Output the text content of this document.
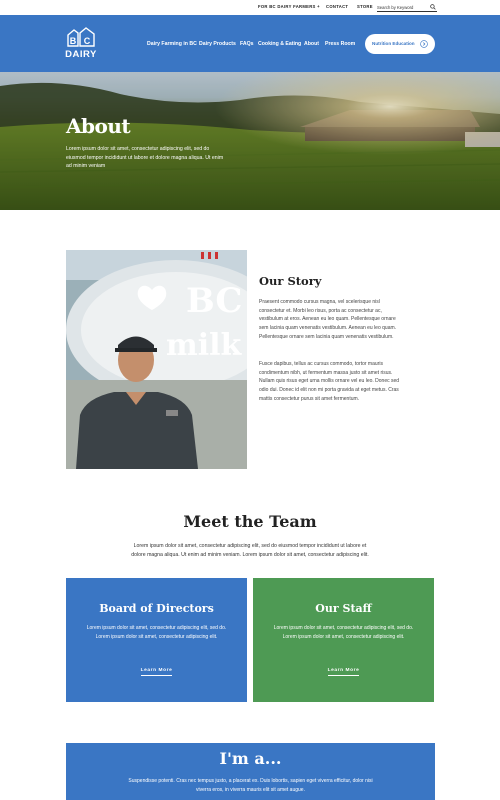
FOR BC DAIRY FARMERS + CONTACT STORE
Search by Keyword
B C
DAIRY
Dairy Farming in BC Dairy Products FAQs Cooking & Eating About Press Room	Nutrition Education
About
Lorem ipsum dolor sit amet, consectetur adipiscing elit, sed do eiusmod tempor incididunt ut labore et dolore magna aliqua. Ut enim ad minim veniam
BC
milk
Our Story
Praesent commodo cursus magna, vel scelerisque nisl consectetur et. Morbi leo risus, porta ac consectetur ac, vestibulum at eros. Aenean eu leo quam. Pellentesque ornare sem lacinia quam venenatis vestibulum. Aenean eu leo quam. Pellentesque ornare sem lacinia quam venenatis vestibulum.
Fusce dapibus, tellus ac cursus commodo, tortor mauris condimentum nibh, ut fermentum massa justo sit amet risus. Nullam quis risus eget urna mollis ornare vel eu leo. Donec sed odio dui. Donec id elit non mi porta gravida at eget metus. Cras mattis consectetur purus sit amet fermentum.
Meet the Team
Lorem ipsum dolor sit amet, consectetur adipiscing elit, sed do eiusmod tempor incididunt ut labore et dolore magna aliqua. Ut enim ad minim veniam. Lorem ipsum dolor sit amet, consectetur adipiscing elit.
Board of Directors
Lorem ipsum dolor sit amet, consectetur adipiscing elit, sed do. Lorem ipsum dolor sit amet, consectetur adipiscing elit.
Learn More
Our Staff
Lorem ipsum dolor sit amet, consectetur adipiscing elit, sed do. Lorem ipsum dolor sit amet, consectetur adipiscing elit.
Learn More
I'm a...
Suspendisse potenti. Cras nec tempus justo, a placerat ex. Duis lobortis, sapien eget viverra efficitur, dolor nisi viverra eros, in viverra mauris elit sit amet augue.
